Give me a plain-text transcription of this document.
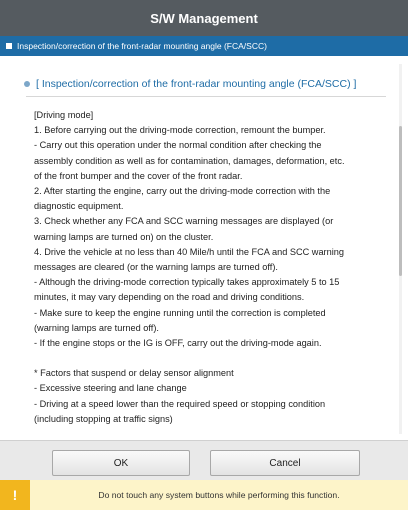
S/W Management
Inspection/correction of the front-radar mounting angle (FCA/SCC)
[ Inspection/correction of the front-radar mounting angle (FCA/SCC) ]
[Driving mode]
1. Before carrying out the driving-mode correction, remount the bumper.
- Carry out this operation under the normal condition after checking the
assembly condition as well as for contamination, damages, deformation, etc.
of the front bumper and the cover of the front radar.
2. After starting the engine, carry out the driving-mode correction with the
diagnostic equipment.
3. Check whether any FCA and SCC warning messages are displayed (or
warning lamps are turned on) on the cluster.
4. Drive the vehicle at no less than 40 Mile/h until the FCA and SCC warning
messages are cleared (or the warning lamps are turned off).
- Although the driving-mode correction typically takes approximately 5 to 15
minutes, it may vary depending on the road and driving conditions.
- Make sure to keep the engine running until the correction is completed
(warning lamps are turned off).
- If the engine stops or the IG is OFF, carry out the driving-mode again.
* Factors that suspend or delay sensor alignment
- Excessive steering and lane change
- Driving at a speed lower than the required speed or stopping condition
(including stopping at traffic signs)
OK	Cancel
!	Do not touch any system buttons while performing this function.
